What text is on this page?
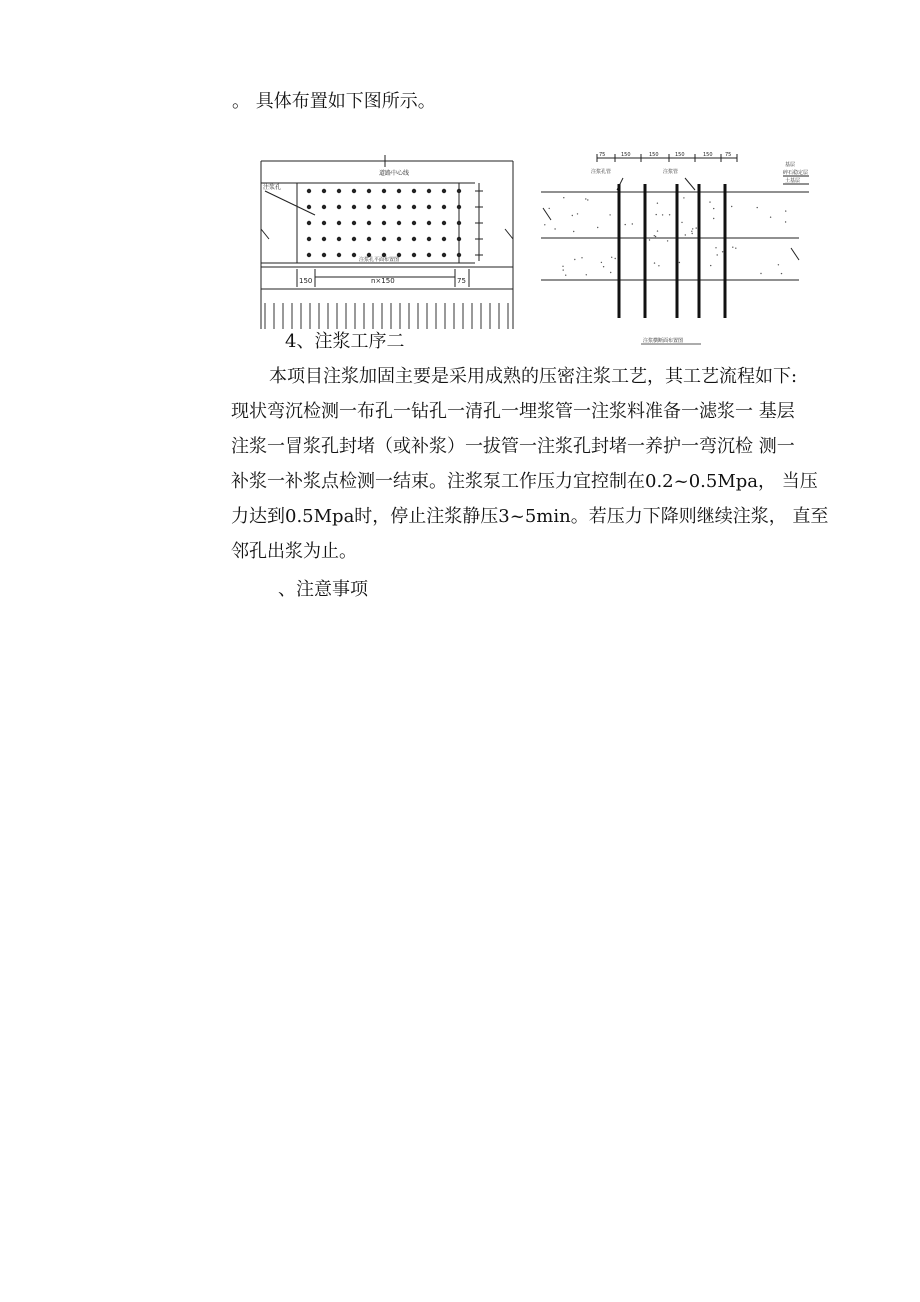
。 具体布置如下图所示。
道路中心线
注浆孔
150	n×150	75
注浆孔平面布置图
75	150	150	150	150 75
注浆孔管	注浆管
基层
碎石稳定层
土基层
注浆横断面布置图
4、注浆工序二
本项目注浆加固主要是采用成熟的压密注浆工艺，其工艺流程如下:
现状弯沉检测一布孔一钻孔一清孔一埋浆管一注浆料准备一滤浆一 基层
注浆一冒浆孔封堵（或补浆）一拔管一注浆孔封堵一养护一弯沉检 测一
补浆一补浆点检测一结束。注浆泵工作压力宜控制在0.2~0.5Mpa， 当压
力达到0.5Mpa时，停止注浆静压3~5min。若压力下降则继续注浆， 直至
邻孔出浆为止。
、注意事项
